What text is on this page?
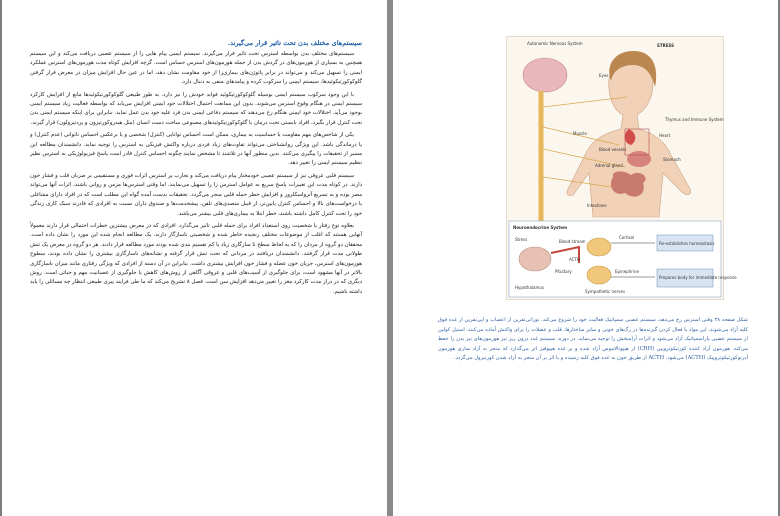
سیستم‌های مختلف بدن تحت تاثیر قرار می‌گیرند.

سیستم‌های مختلف بدن بواسطه استرس تحت تاثیر قرار می‌گیرند. سیستم ایمنی پیام هایی را از سیستم عصبی دریافت می‌کند و این سیستم همچنین به بسیاری از هورمون‌های در گردش بدن از جمله هورمون‌های استرس حساس است. گرچه افزایش کوتاه مدت هورمون‌های استرس عملکرد ایمنی را تسهیل می‌کند و می‌تواند در برابر پاتوژن‌های بیماری‌زا از خود مقاومت نشان دهد، اما در عین حال افزایش میزان در معرض قرار گرفتن گلوکوکورتیکوئیدها، سیستم ایمنی را سرکوب کرده و پیامدهای منفی به دنبال دارد.

با این وجود سرکوب سیستم ایمنی بوسیله گلوکوکورتیکوئید فواید خودش را نیز دارد. به طور طبیعی گلوکوکورتیکوئیدها مانع از افزایش کارکرد سیستم ایمنی در هنگام وقوع استرس می‌شوند. بدون این ممانعت احتمال اختلالات خود ایمنی افزایش می‌یابد که بواسطه فعالیت زیاد سیستم ایمنی بوجود می‌آید. اختلالات خود ایمنی هنگام رخ می‌دهند که سیستم دفاعی ایمنی بدن فرد علیه خود بدن عمل نماید. بنابراین برای اینکه سیستم ایمنی بدن تحت کنترل قرار بگیرد، افراد بایستی تحت درمان با گلوکوکورتیکوئیدهای مصنوعی ساخت دست انسان (مثل هیدروکورتیزون و پردنیزولون) قرار گیرند.

یکی از شاخص‌های مهم مقاومت یا حساسیت به بیماری، ممکن است احساس توانایی (کنترل) شخصی و یا برعکس احساس ناتوانی (عدم کنترل) و یا درماندگی باشد. این ویژگی روانشناختی می‌تواند تفاوت‌های زیاد فردی درباره واکنش فیزیکی به استرس را توجیه نماید. دانشمندان مطالعه این مسیر از تحقیقات را پیگیری می‌کنند. بدین منظور آنها در تلاشند تا مشخص نمایند چگونه احساس کنترل قادر است پاسخ فیزیولوژیکی به استرس نظیر تنظیم سیستم ایمنی را تغییر دهد.

سیستم قلبی عروقی نیز از سیستم عصبی خودمختار پیام دریافت می‌کند و تجارب پر استرس اثرات فوری و مستقیمی بر ضربان قلب و فشار خون دارند. در کوتاه مدت این تغییرات پاسخ سریع به عوامل استرس زا را تسهیل می‌نمایند. اما وقتی استرس‌ها مزمن و روانی باشند، اثرات آنها می‌تواند مضر بوده و به تسریع آترواسکلروز و افزایش خطر حمله قلبی منجر می‌گردد. تحقیقات بدست آمده گواه این مطلب است که در افراد دارای مشاغلی با درخواست‌های بالا و احساس کنترل پایین‌تر، از قبیل متصدی‌های تلفن، پیشخدمت‌ها و صندوق داران نسبت به افرادی که قادرند سبک کاری زندگی خود را تحت کنترل کامل داشته باشند، خطر ابتلا به بیماری‌های قلبی بیشتر می‌باشد.

بعلاوه نوع رفتار یا شخصیت روی استعداد افراد برای حمله قلبی تاثیر می‌گذارد. افرادی که در معرض بیشترین خطرات احتمالی قرار دارند معمولاً آنهایی هستند که اغلب از موضوعات مختلف رنجیده خاطر شده و شخصیتی ناسازگار دارند. یک مطالعه انجام شده این مورد را نشان داده است. محققان دو گروه از مردان را که به لحاظ سطح نا سازگاری زیاد یا کم تقسیم بندی شده بودند مورد مطالعه قرار دادند. هر دو گروه در معرض یک تنش طولانی مدت قرار گرفتند. دانشمندان دریافتند در مردانی که تحت تنش قرار گرفته و نشانه‌های ناسازگاری بیشتری را نشان داده بودند، سطوح هورمون‌های استرس، جریان خون عضله و فشار خون افزایش بیشتری داشت. بنابراین در آن دسته از افرادی که ویژگی رفتاری مانند میزان ناسازگاری بالاتر در آنها مشهود است، برای جلوگیری از آسیب‌های قلبی و عروقی آگاهی از روش‌های کاهش یا جلوگیری از عصبانیت مهم و حیاتی است. روش دیگری که در دراز مدت کارکرد مغز را تغییر می‌دهد افزایش سن است. فصل ۸ تشریح می‌کند که ما طی فرایند پیری طبیعی انتظار چه مسائلی را باید داشته باشیم.

STRESS
Autonomic Nervous System
Eyes
Thymus and Immune System
Muscle
Blood vessels
Heart
Adrenal gland
Stomach
Intestines
Neuroendocrine System
Stress
Hypothalamus
Blood stream
ACTH
Pituitary
Cortisol
Sympathetic nerves
Epinephrine
Re-establishes homeostasis
Prepares body for immediate response
شکل صفحه ۳۸ وقتی استرس رخ می‌دهد، سیستم عصبی سمپاتیک فعالیت خود را شروع می‌کند. تورانی‌تفرین از اعصاب و اپی‌نفرین از غده فوق کلیه آزاد می‌شوند. این مواد با فعال کردن گیرنده‌ها در رگ‌های خونی و سایر ساختارها، قلب و عضلات را برای واکنش آماده می‌کنند. استیل کولین از سیستم عصبی پاراسمپاتیک آزاد می‌شود و اثرات آرامبخش را توجیه می‌نماید. در دوره، سیستم غدد درون ریز نیز هورمون‌های نیز بدن را حفظ می‌کند. هورمون آزاد کننده کورتیکوتروپین (CRH) از هیپوتالاموس آزاد شده و بر غده هیپوفیز اثر می‌گذارد که منجر به آزاد سازی هورمون آدرنوکورتیکوتروپیک (ACTH) می‌شود. ACTH از طریق خون به غده فوق کلیه رسیده و با اثر بر آن منجر به آزاد شدن کورتیزول می‌گردد.
